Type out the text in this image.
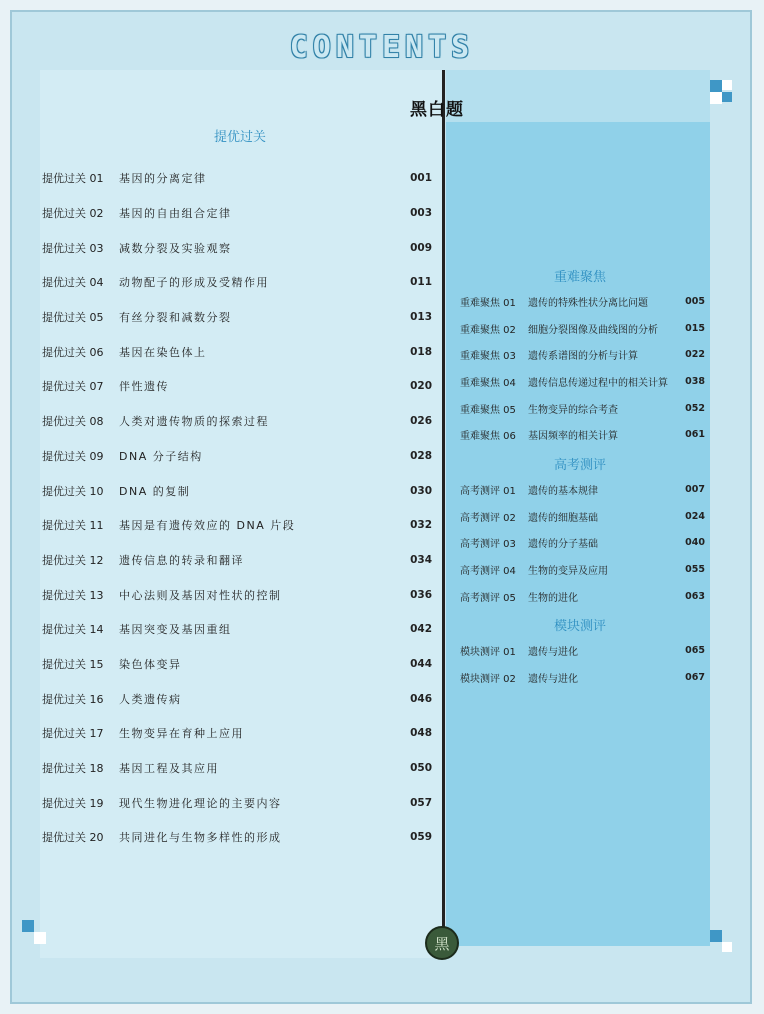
CONTENTS
黑白题
提优过关
提优过关 01	基因的分离定律	001
提优过关 02	基因的自由组合定律	003
提优过关 03	减数分裂及实验观察	009
提优过关 04	动物配子的形成及受精作用	011
提优过关 05	有丝分裂和减数分裂	013
提优过关 06	基因在染色体上	018
提优过关 07	伴性遗传	020
提优过关 08	人类对遗传物质的探索过程	026
提优过关 09	DNA 分子结构	028
提优过关 10	DNA 的复制	030
提优过关 11	基因是有遗传效应的 DNA 片段	032
提优过关 12	遗传信息的转录和翻译	034
提优过关 13	中心法则及基因对性状的控制	036
提优过关 14	基因突变及基因重组	042
提优过关 15	染色体变异	044
提优过关 16	人类遗传病	046
提优过关 17	生物变异在育种上应用	048
提优过关 18	基因工程及其应用	050
提优过关 19	现代生物进化理论的主要内容	057
提优过关 20	共同进化与生物多样性的形成	059
重难聚焦
重难聚焦 01	遗传的特殊性状分离比问题	005
重难聚焦 02	细胞分裂图像及曲线图的分析	015
重难聚焦 03	遗传系谱图的分析与计算	022
重难聚焦 04	遗传信息传递过程中的相关计算	038
重难聚焦 05	生物变异的综合考查	052
重难聚焦 06	基因频率的相关计算	061
高考测评
高考测评 01	遗传的基本规律	007
高考测评 02	遗传的细胞基础	024
高考测评 03	遗传的分子基础	040
高考测评 04	生物的变异及应用	055
高考测评 05	生物的进化	063
模块测评
模块测评 01	遗传与进化	065
模块测评 02	遗传与进化	067
黑
